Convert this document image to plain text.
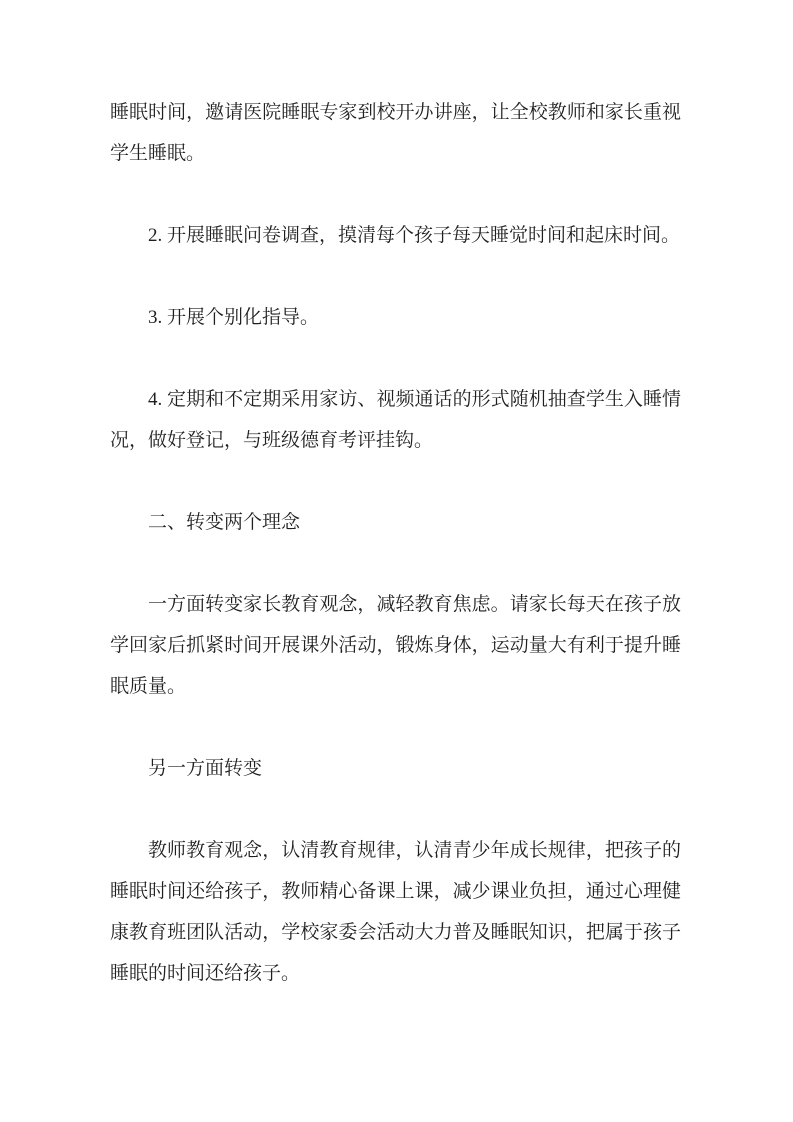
睡眠时间，邀请医院睡眠专家到校开办讲座，让全校教师和家长重视学生睡眠。

2. 开展睡眠问卷调查，摸清每个孩子每天睡觉时间和起床时间。

3. 开展个别化指导。

4. 定期和不定期采用家访、视频通话的形式随机抽查学生入睡情况，做好登记，与班级德育考评挂钩。

二、转变两个理念

一方面转变家长教育观念，减轻教育焦虑。请家长每天在孩子放学回家后抓紧时间开展课外活动，锻炼身体，运动量大有利于提升睡眠质量。

另一方面转变

教师教育观念，认清教育规律，认清青少年成长规律，把孩子的睡眠时间还给孩子，教师精心备课上课，减少课业负担，通过心理健康教育班团队活动，学校家委会活动大力普及睡眠知识，把属于孩子睡眠的时间还给孩子。
